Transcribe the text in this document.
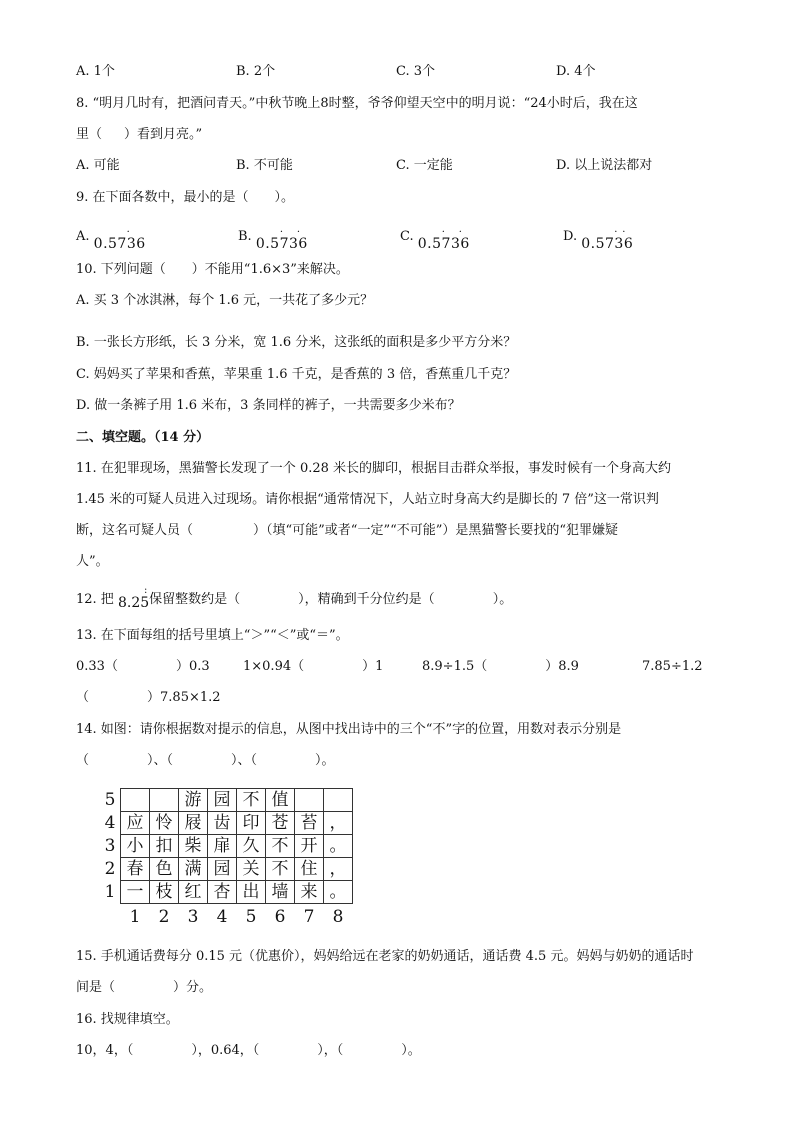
A. 1个	B. 2个	C. 3个	D. 4个
8. “明月几时有，把酒问青天。”中秋节晚上8时整，爷爷仰望天空中的明月说：“24小时后，我在这
里（ ）看到月亮。”
A. 可能	B. 不可能	C. 一定能	D. 以上说法都对
9. 在下面各数中，最小的是（　　）。
A. 0.5736
·	B. 0.5736
· ·	C. 0.5736
· ·	D. 0.5736
· ·
10. 下列问题（　　）不能用“1.6×3”来解决。
A. 买 3 个冰淇淋，每个 1.6 元，一共花了多少元？
B. 一张长方形纸，长 3 分米，宽 1.6 分米，这张纸的面积是多少平方分米？
C. 妈妈买了苹果和香蕉，苹果重 1.6 千克，是香蕉的 3 倍，香蕉重几千克？
D. 做一条裤子用 1.6 米布，3 条同样的裤子，一共需要多少米布？
二、填空题。（14 分）
11. 在犯罪现场，黑猫警长发现了一个 0.28 米长的脚印，根据目击群众举报，事发时候有一个身高大约
1.45 米的可疑人员进入过现场。请你根据“通常情况下，人站立时身高大约是脚长的 7 倍”这一常识判
断，这名可疑人员（	）（填“可能”或者“一定”“不可能”）是黑猫警长要找的“犯罪嫌疑
人”。
12. 把 8.25
:
保留整数约是（	），精确到千分位约是（	）。
13. 在下面每组的括号里填上“＞”“＜”或“＝”。
0.33（	）0.3	1×0.94（	）1	8.9÷1.5（	）8.9	7.85÷1.2
（	）7.85×1.2
14. 如图：请你根据数对提示的信息，从图中找出诗中的三个“不”字的位置，用数对表示分别是
（	）、（	）、（	）。
5			游	园	不	值		
4	应	怜	屐	齿	印	苍	苔	，
3	小	扣	柴	扉	久	不	开	。
2	春	色	满	园	关	不	住	，
1	一	枝	红	杏	出	墙	来	。
	1	2	3	4	5	6	7	8
15. 手机通话费每分 0.15 元（优惠价），妈妈给远在老家的奶奶通话，通话费 4.5 元。妈妈与奶奶的通话时
间是（	）分。
16. 找规律填空。
10，4，（	），0.64，（	），（	）。
